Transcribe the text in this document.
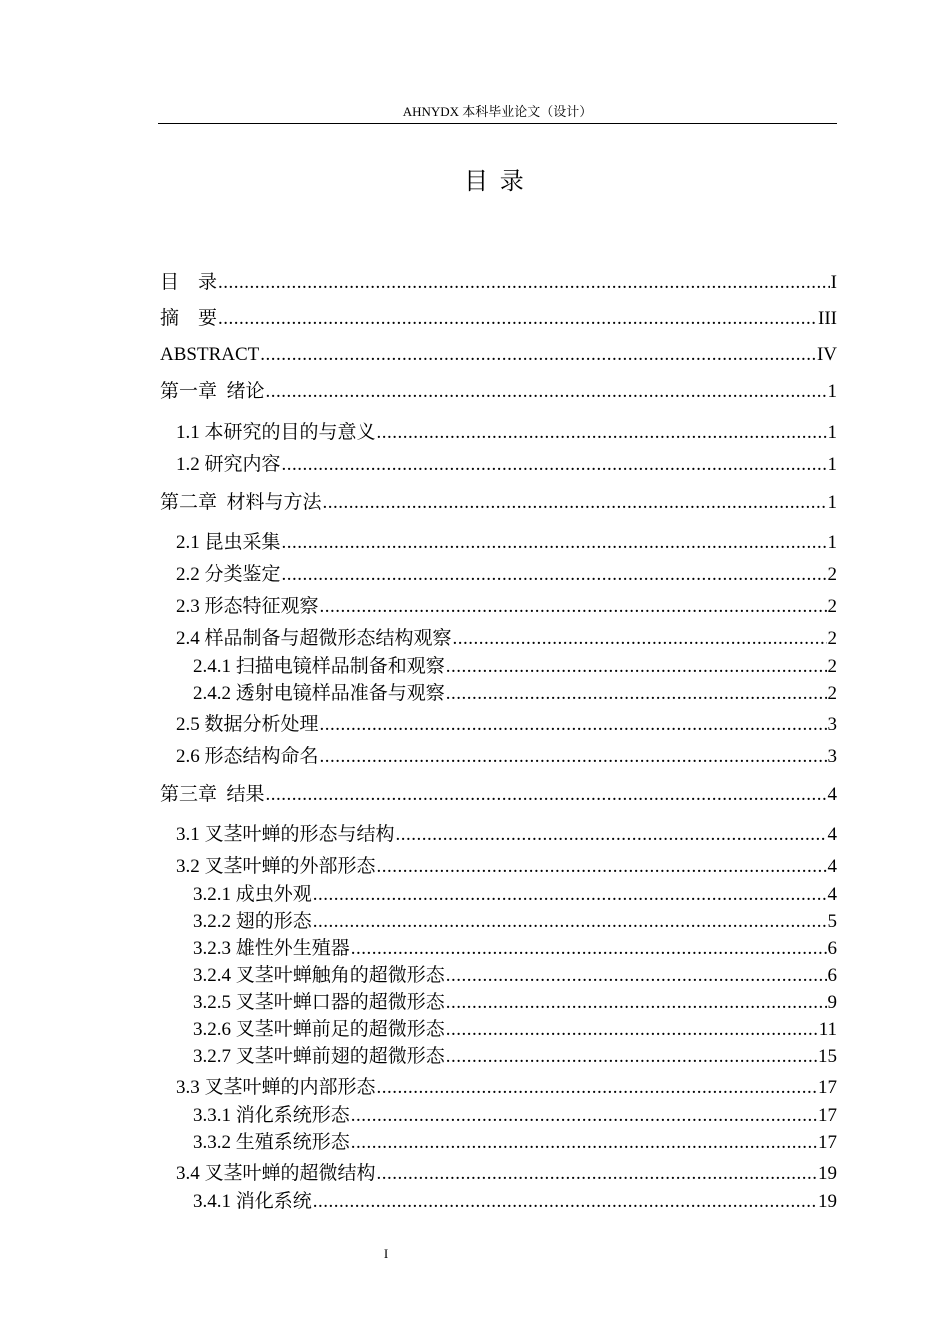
AHNYDX 本科毕业论文（设计）
目 录
目    录 .....	I
摘    要 .....	III
ABSTRACT .....	IV
第一章  绪论 .....	1
1.1 本研究的目的与意义 .....	1
1.2 研究内容 .....	1
第二章  材料与方法 .....	1
2.1 昆虫采集 .....	1
2.2 分类鉴定 .....	2
2.3 形态特征观察 .....	2
2.4 样品制备与超微形态结构观察 .....	2
2.4.1 扫描电镜样品制备和观察 .....	2
2.4.2 透射电镜样品准备与观察 .....	2
2.5 数据分析处理 .....	3
2.6 形态结构命名 .....	3
第三章  结果 .....	4
3.1 叉茎叶蝉的形态与结构 .....	4
3.2 叉茎叶蝉的外部形态 .....	4
3.2.1 成虫外观 .....	4
3.2.2 翅的形态 .....	5
3.2.3 雄性外生殖器 .....	6
3.2.4 叉茎叶蝉触角的超微形态 .....	6
3.2.5 叉茎叶蝉口器的超微形态 .....	9
3.2.6 叉茎叶蝉前足的超微形态 .....	11
3.2.7 叉茎叶蝉前翅的超微形态 .....	15
3.3 叉茎叶蝉的内部形态 .....	17
3.3.1 消化系统形态 .....	17
3.3.2 生殖系统形态 .....	17
3.4 叉茎叶蝉的超微结构 .....	19
3.4.1 消化系统 .....	19
I
